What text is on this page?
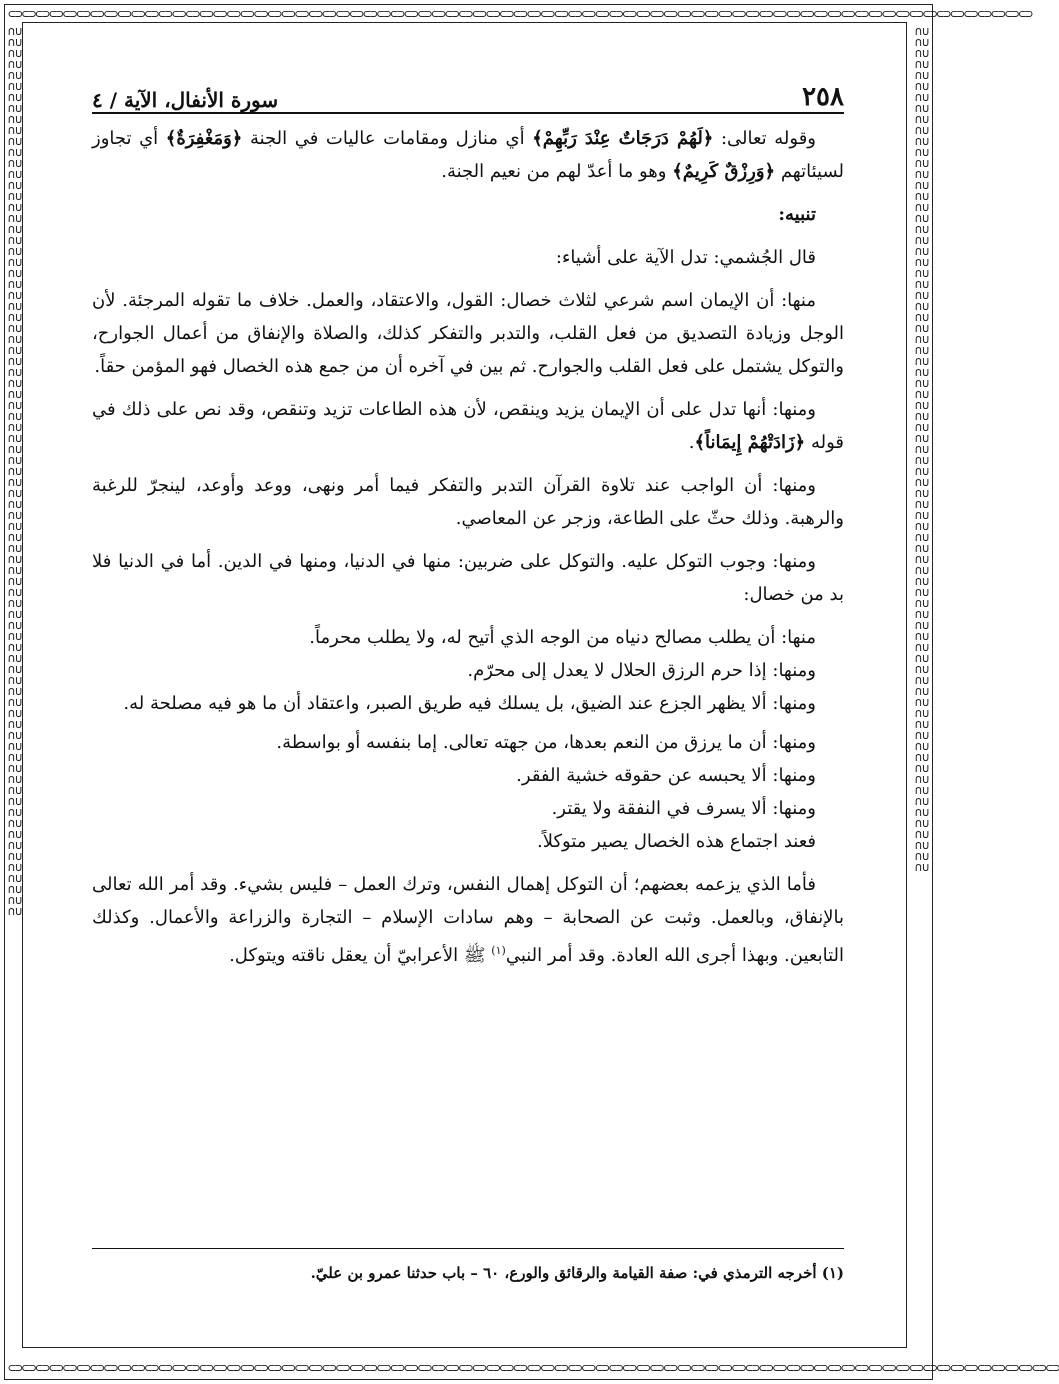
⊂⊃⊂⊃⊂⊃⊂⊃⊂⊃⊂⊃⊂⊃⊂⊃⊂⊃⊂⊃⊂⊃⊂⊃⊂⊃⊂⊃⊂⊃⊂⊃⊂⊃⊂⊃⊂⊃⊂⊃⊂⊃⊂⊃⊂⊃⊂⊃⊂⊃⊂⊃⊂⊃⊂⊃⊂⊃⊂⊃⊂⊃⊂⊃⊂⊃⊂⊃⊂⊃⊂⊃⊂⊃⊂⊃⊂⊃⊂⊃⊂⊃⊂⊃⊂⊃⊂⊃⊂⊃⊂⊃⊂⊃⊂⊃⊂⊃⊂⊃⊂⊃⊂⊃⊂⊃⊂⊃⊂⊃⊂⊃⊂⊃⊂⊃⊂⊃⊂⊃⊂⊃⊂⊃⊂⊃⊂⊃⊂⊃⊂⊃⊂⊃⊂⊃⊂⊃⊂⊃⊂⊃⊂⊃⊂⊃⊂⊃⊂⊃
⊂⊃⊂⊃⊂⊃⊂⊃⊂⊃⊂⊃⊂⊃⊂⊃⊂⊃⊂⊃⊂⊃⊂⊃⊂⊃⊂⊃⊂⊃⊂⊃⊂⊃⊂⊃⊂⊃⊂⊃⊂⊃⊂⊃⊂⊃⊂⊃⊂⊃⊂⊃⊂⊃⊂⊃⊂⊃⊂⊃⊂⊃⊂⊃⊂⊃⊂⊃⊂⊃⊂⊃⊂⊃⊂⊃⊂⊃⊂⊃⊂⊃⊂⊃⊂⊃⊂⊃⊂⊃⊂⊃⊂⊃⊂⊃⊂⊃⊂⊃⊂⊃⊂⊃⊂⊃⊂⊃⊂⊃⊂⊃⊂⊃⊂⊃⊂⊃⊂⊃⊂⊃⊂⊃⊂⊃⊂⊃⊂⊃⊂⊃⊂⊃⊂⊃⊂⊃⊂⊃⊂⊃⊂⊃⊂⊃⊂⊃⊂⊃⊂⊃⊂⊃
∩∪∩∪∩∪∩∪∩∪∩∪∩∪∩∪∩∪∩∪∩∪∩∪∩∪∩∪∩∪∩∪∩∪∩∪∩∪∩∪∩∪∩∪∩∪∩∪∩∪∩∪∩∪∩∪∩∪∩∪∩∪∩∪∩∪∩∪∩∪∩∪∩∪∩∪∩∪∩∪∩∪∩∪∩∪∩∪∩∪∩∪∩∪∩∪∩∪∩∪∩∪∩∪∩∪∩∪∩∪∩∪∩∪∩∪∩∪∩∪∩∪∩∪∩∪∩∪∩∪∩∪∩∪∩∪∩∪∩∪∩∪∩∪∩∪∩∪∩∪∩∪∩∪∩∪∩∪∩∪∩∪
∩∪∩∪∩∪∩∪∩∪∩∪∩∪∩∪∩∪∩∪∩∪∩∪∩∪∩∪∩∪∩∪∩∪∩∪∩∪∩∪∩∪∩∪∩∪∩∪∩∪∩∪∩∪∩∪∩∪∩∪∩∪∩∪∩∪∩∪∩∪∩∪∩∪∩∪∩∪∩∪∩∪∩∪∩∪∩∪∩∪∩∪∩∪∩∪∩∪∩∪∩∪∩∪∩∪∩∪∩∪∩∪∩∪∩∪∩∪∩∪∩∪∩∪∩∪∩∪∩∪∩∪∩∪∩∪∩∪∩∪∩∪∩∪∩∪∩∪∩∪∩∪∩∪
٢٥٨
سورة الأنفال، الآية / ٤

وقوله تعالى: ﴿لَهُمْ دَرَجَاتٌ عِنْدَ رَبِّهِمْ﴾ أي منازل ومقامات عاليات في الجنة ﴿وَمَغْفِرَةٌ﴾ أي تجاوز لسيئاتهم ﴿وَرِزْقٌ كَرِيمٌ﴾ وهو ما أعدّ لهم من نعيم الجنة.

تنبيه:

قال الجُشمي: تدل الآية على أشياء:

منها: أن الإيمان اسم شرعي لثلاث خصال: القول، والاعتقاد، والعمل. خلاف ما تقوله المرجئة. لأن الوجل وزيادة التصديق من فعل القلب، والتدبر والتفكر كذلك، والصلاة والإنفاق من أعمال الجوارح، والتوكل يشتمل على فعل القلب والجوارح. ثم بين في آخره أن من جمع هذه الخصال فهو المؤمن حقاً.

ومنها: أنها تدل على أن الإيمان يزيد وينقص، لأن هذه الطاعات تزيد وتنقص، وقد نص على ذلك في قوله ﴿زَادَتْهُمْ إِيمَاناً﴾.

ومنها: أن الواجب عند تلاوة القرآن التدبر والتفكر فيما أمر ونهى، ووعد وأوعد، لينجرّ للرغبة والرهبة. وذلك حثّ على الطاعة، وزجر عن المعاصي.

ومنها: وجوب التوكل عليه. والتوكل على ضربين: منها في الدنيا، ومنها في الدين. أما في الدنيا فلا بد من خصال:

منها: أن يطلب مصالح دنياه من الوجه الذي أتيح له، ولا يطلب محرماً.

ومنها: إذا حرم الرزق الحلال لا يعدل إلى محرّم.

ومنها: ألا يظهر الجزع عند الضيق، بل يسلك فيه طريق الصبر، واعتقاد أن ما هو فيه مصلحة له.

ومنها: أن ما يرزق من النعم بعدها، من جهته تعالى. إما بنفسه أو بواسطة.

ومنها: ألا يحبسه عن حقوقه خشية الفقر.

ومنها: ألا يسرف في النفقة ولا يقتر.

فعند اجتماع هذه الخصال يصير متوكلاً.

فأما الذي يزعمه بعضهم؛ أن التوكل إهمال النفس، وترك العمل – فليس بشيء. وقد أمر الله تعالى بالإنفاق، وبالعمل. وثبت عن الصحابة – وهم سادات الإسلام – التجارة والزراعة والأعمال. وكذلك التابعين. وبهذا أجرى الله العادة. وقد أمر النبي$^{(١)}$ ﷺ الأعرابيّ أن يعقل ناقته ويتوكل.

(١) أخرجه الترمذي في: صفة القيامة والرقائق والورع، ٦٠ – باب حدثنا عمرو بن عليّ.
